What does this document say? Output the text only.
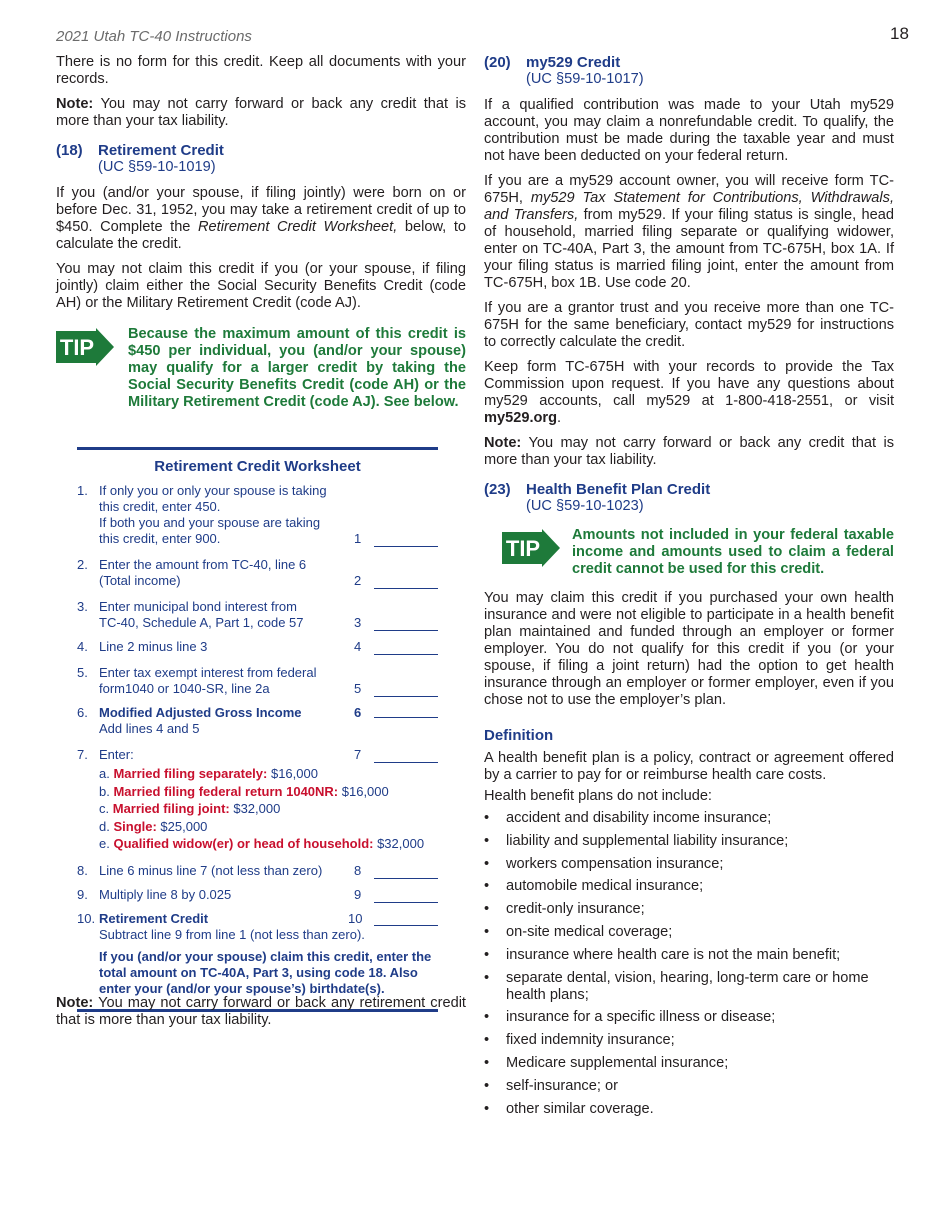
2021 Utah TC-40 Instructions	18

There is no form for this credit. Keep all documents with your records.

Note: You may not carry forward or back any credit that is more than your tax liability.

(18) Retirement Credit
(UC §59-10-1019)

If you (and/or your spouse, if filing jointly) were born on or before Dec. 31, 1952, you may take a retirement credit of up to $450. Complete the Retirement Credit Worksheet, below, to calculate the credit.

You may not claim this credit if you (or your spouse, if filing jointly) claim either the Social Security Benefits Credit (code AH) or the Military Retirement Credit (code AJ).

TIP
Because the maximum amount of this credit is $450 per individual, you (and/or your spouse) may qualify for a larger credit by taking the Social Security Benefits Credit (code AH) or the Military Retirement Credit (code AJ). See below.
Retirement Credit Worksheet
1. If only you or only your spouse is taking
this credit, enter 450.
If both you and your spouse are taking
this credit, enter 900.	1
2. Enter the amount from TC-40, line 6
(Total income)	2
3. Enter municipal bond interest from
TC-40, Schedule A, Part 1, code 57	3
4. Line 2 minus line 3	4
5. Enter tax exempt interest from federal
form1040 or 1040-SR, line 2a	5
6. Modified Adjusted Gross Income
Add lines 4 and 5
6
7. Enter:	7
a. Married filing separately: $16,000
b. Married filing federal return 1040NR: $16,000
c. Married filing joint: $32,000
d. Single: $25,000
e. Qualified widow(er) or head of household: $32,000
8. Line 6 minus line 7 (not less than zero)	8
9. Multiply line 8 by 0.025	9
10. Retirement Credit
Subtract line 9 from line 1 (not less than zero).
10
If you (and/or your spouse) claim this credit, enter the total amount on TC-40A, Part 3, using code 18. Also enter your (and/or your spouse’s) birthdate(s).

Note: You may not carry forward or back any retirement credit that is more than your tax liability.

(20) my529 Credit
(UC §59-10-1017)

If a qualified contribution was made to your Utah my529 account, you may claim a nonrefundable credit. To qualify, the contribution must be made during the taxable year and must not have been deducted on your federal return.

If you are a my529 account owner, you will receive form TC-675H, my529 Tax Statement for Contributions, Withdrawals, and Transfers, from my529. If your filing status is single, head of household, married filing separate or qualifying widower, enter on TC-40A, Part 3, the amount from TC-675H, box 1A. If your filing status is married filing joint, enter the amount from TC-675H, box 1B. Use code 20.

If you are a grantor trust and you receive more than one TC-675H for the same beneficiary, contact my529 for instructions to correctly calculate the credit.

Keep form TC-675H with your records to provide the Tax Commission upon request. If you have any questions about my529 accounts, call my529 at 1-800-418-2551, or visit my529.org.

Note: You may not carry forward or back any credit that is more than your tax liability.

(23) Health Benefit Plan Credit
(UC §59-10-1023)
TIP
Amounts not included in your federal taxable income and amounts used to claim a federal credit cannot be used for this credit.

You may claim this credit if you purchased your own health insurance and were not eligible to participate in a health benefit plan maintained and funded through an employer or former employer. You do not qualify for this credit if you (or your spouse, if filing a joint return) had the option to get health insurance through an employer or former employer, even if you chose not to use the employer’s plan.

Definition

A health benefit plan is a policy, contract or agreement offered by a carrier to pay for or reimburse health care costs.

Health benefit plans do not include:

•	accident and disability income insurance;
•	liability and supplemental liability insurance;
•	workers compensation insurance;
•	automobile medical insurance;
•	credit-only insurance;
•	on-site medical coverage;
•	insurance where health care is not the main benefit;
•	separate dental, vision, hearing, long-term care or home health plans;
•	insurance for a specific illness or disease;
•	fixed indemnity insurance;
•	Medicare supplemental insurance;
•	self-insurance; or
•	other similar coverage.
